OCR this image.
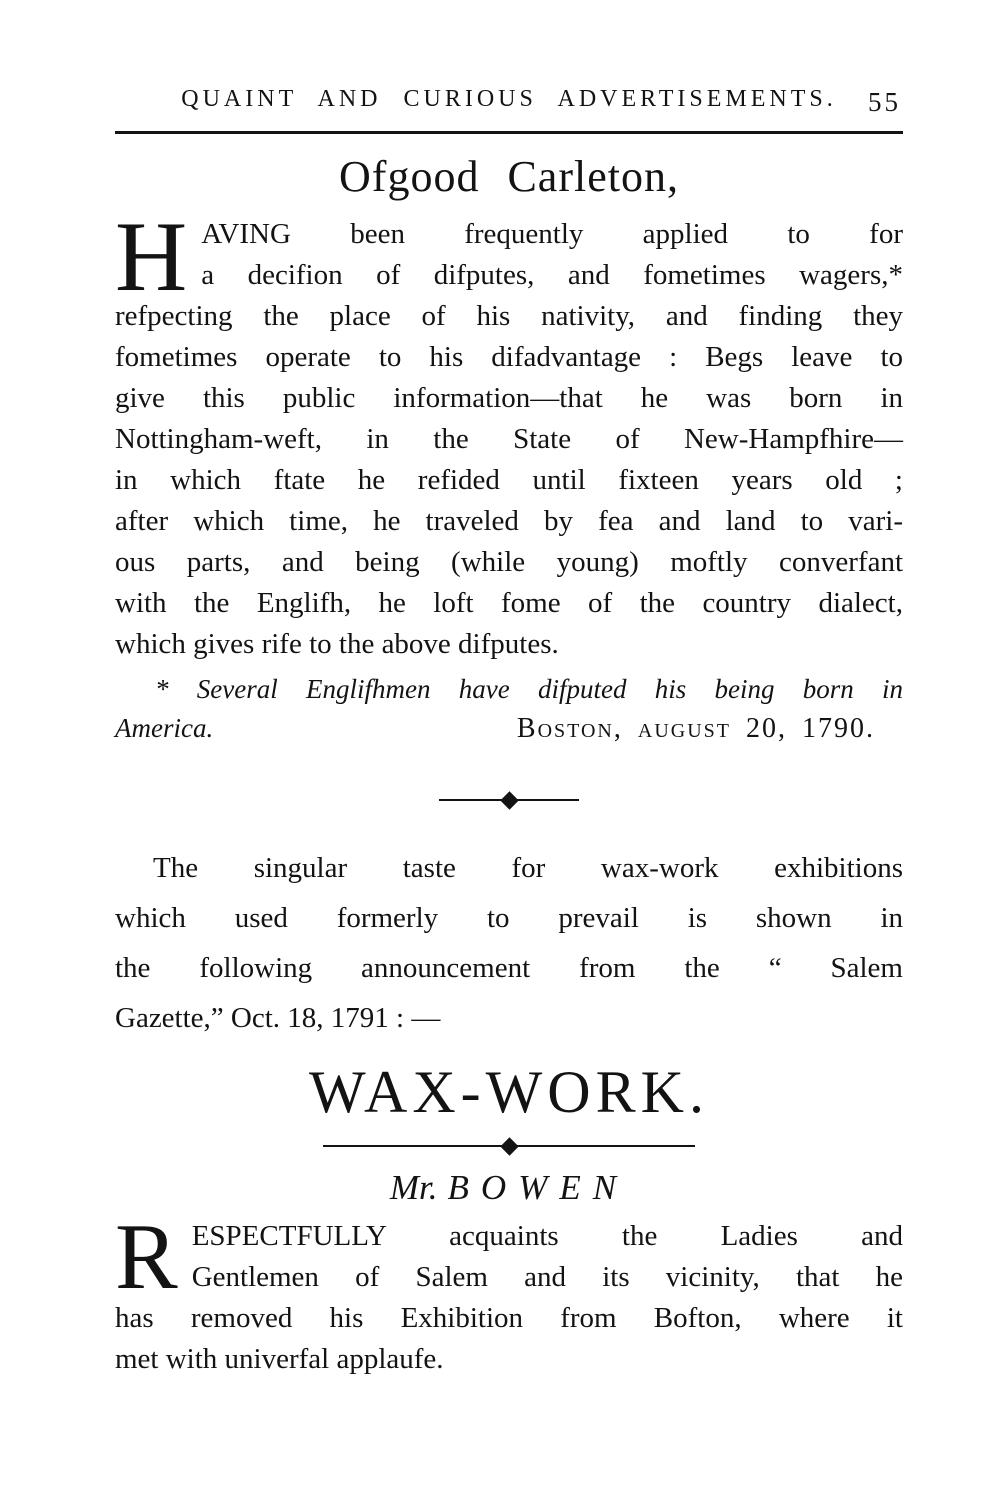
QUAINT AND CURIOUS ADVERTISEMENTS.	55
Ofgood Carleton,
H AVING been frequently applied to for
a decifion of difputes, and fometimes wagers,*
refpecting the place of his nativity, and finding they
fometimes operate to his difadvantage : Begs leave to
give this public information—that he was born in
Nottingham-weft, in the State of New-Hampfhire—
in which ftate he refided until fixteen years old ;
after which time, he traveled by fea and land to vari-
ous parts, and being (while young) moftly converfant
with the Englifh, he loft fome of the country dialect,
which gives rife to the above difputes.
* Several Englifhmen have difputed his being born in
America.	Boston, august 20, 1790.
The singular taste for wax-work exhibitions
which used formerly to prevail is shown in
the following announcement from the “ Salem
Gazette,” Oct. 18, 1791 : —
WAX-WORK.
Mr. BOWEN
R ESPECTFULLY acquaints the Ladies and
Gentlemen of Salem and its vicinity, that he
has removed his Exhibition from Bofton, where it
met with univerfal applaufe.
